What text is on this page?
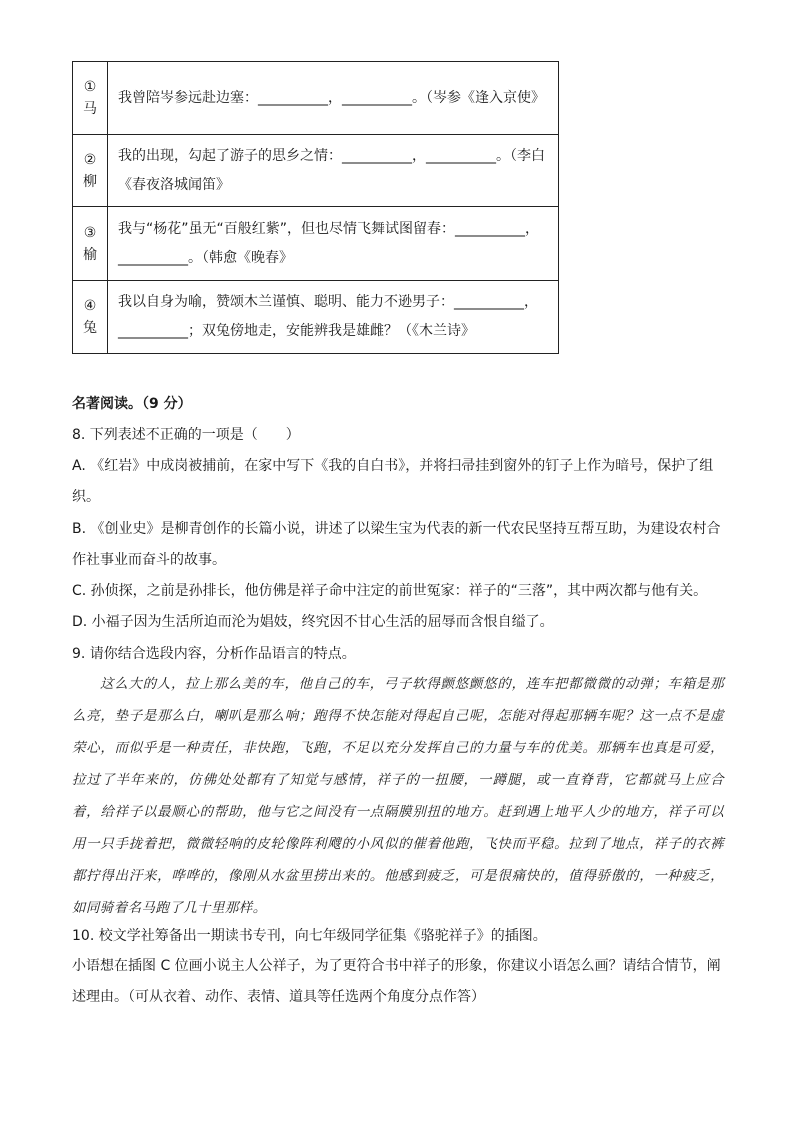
①
马	我曾陪岑参远赴边塞：__________，__________。（岑参《逢入京使》

②
柳	我的出现，勾起了游子的思乡之情：__________，__________。（李白《春夜洛城闻笛》

③
榆	我与“杨花”虽无“百般红紫”，但也尽情飞舞试图留春：__________，__________。（韩愈《晚春》

④
兔	我以自身为喻，赞颂木兰谨慎、聪明、能力不逊男子：__________，__________；双兔傍地走，安能辨我是雄雌？（《木兰诗》
名著阅读。（9 分）
8. 下列表述不正确的一项是（　　）
A. 《红岩》中成岗被捕前，在家中写下《我的自白书》，并将扫帚挂到窗外的钉子上作为暗号，保护了组织。
B. 《创业史》是柳青创作的长篇小说，讲述了以梁生宝为代表的新一代农民坚持互帮互助，为建设农村合作社事业而奋斗的故事。
C. 孙侦探，之前是孙排长，他仿佛是祥子命中注定的前世冤家：祥子的“三落”，其中两次都与他有关。
D. 小福子因为生活所迫而沦为娼妓，终究因不甘心生活的屈辱而含恨自缢了。
9. 请你结合选段内容，分析作品语言的特点。
这么大的人，拉上那么美的车，他自己的车，弓子软得颤悠颤悠的，连车把都微微的动弹；车箱是那么亮，垫子是那么白，喇叭是那么响；跑得不快怎能对得起自己呢，怎能对得起那辆车呢？这一点不是虚荣心，而似乎是一种责任，非快跑，飞跑，不足以充分发挥自己的力量与车的优美。那辆车也真是可爱，拉过了半年来的，仿佛处处都有了知觉与感情，祥子的一扭腰，一蹲腿，或一直脊背，它都就马上应合着，给祥子以最顺心的帮助，他与它之间没有一点隔膜别扭的地方。赶到遇上地平人少的地方，祥子可以用一只手拢着把，微微轻响的皮轮像阵利飕的小风似的催着他跑，飞快而平稳。拉到了地点，祥子的衣裤都拧得出汗来，哗哗的，像刚从水盆里捞出来的。他感到疲乏，可是很痛快的，值得骄傲的，一种疲乏，如同骑着名马跑了几十里那样。
10. 校文学社筹备出一期读书专刊，向七年级同学征集《骆驼祥子》的插图。
小语想在插图 C 位画小说主人公祥子，为了更符合书中祥子的形象，你建议小语怎么画？请结合情节，阐述理由。（可从衣着、动作、表情、道具等任选两个角度分点作答）
